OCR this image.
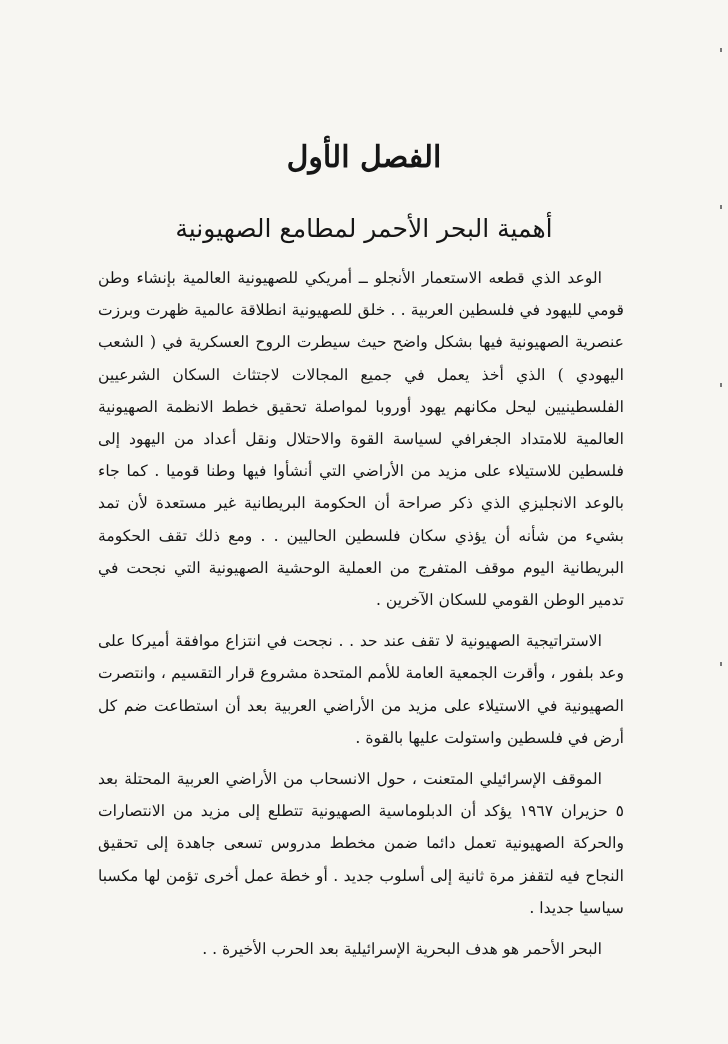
الفصل الأول
أهمية البحر الأحمر لمطامع الصهيونية

الوعد الذي قطعه الاستعمار الأنجلو ــ أمريكي للصهيونية العالمية بإنشاء وطن قومي لليهود في فلسطين العربية . . خلق للصهيونية انطلاقة عالمية ظهرت وبرزت عنصرية الصهيونية فيها بشكل واضح حيث سيطرت الروح العسكرية في ( الشعب اليهودي ) الذي أخذ يعمل في جميع المجالات لاجتثاث السكان الشرعيين الفلسطينيين ليحل مكانهم يهود أوروبا لمواصلة تحقيق خطط الانظمة الصهيونية العالمية للامتداد الجغرافي لسياسة القوة والاحتلال ونقل أعداد من اليهود إلى فلسطين للاستيلاء على مزيد من الأراضي التي أنشأوا فيها وطنا قوميا . كما جاء بالوعد الانجليزي الذي ذكر صراحة أن الحكومة البريطانية غير مستعدة لأن تمد بشيء من شأنه أن يؤذي سكان فلسطين الحاليين . . ومع ذلك تقف الحكومة البريطانية اليوم موقف المتفرج من العملية الوحشية الصهيونية التي نجحت في تدمير الوطن القومي للسكان الآخرين .

الاستراتيجية الصهيونية لا تقف عند حد . . نجحت في انتزاع موافقة أميركا على وعد بلفور ، وأقرت الجمعية العامة للأمم المتحدة مشروع قرار التقسيم ، وانتصرت الصهيونية في الاستيلاء على مزيد من الأراضي العربية بعد أن استطاعت ضم كل أرض في فلسطين واستولت عليها بالقوة .

الموقف الإسرائيلي المتعنت ، حول الانسحاب من الأراضي العربية المحتلة بعد ٥ حزيران ١٩٦٧ يؤكد أن الدبلوماسية الصهيونية تتطلع إلى مزيد من الانتصارات والحركة الصهيونية تعمل دائما ضمن مخطط مدروس تسعى جاهدة إلى تحقيق النجاح فيه لتقفز مرة ثانية إلى أسلوب جديد . أو خطة عمل أخرى تؤمن لها مكسبا سياسيا جديدا .

البحر الأحمر هو هدف البحرية الإسرائيلية بعد الحرب الأخيرة . .
